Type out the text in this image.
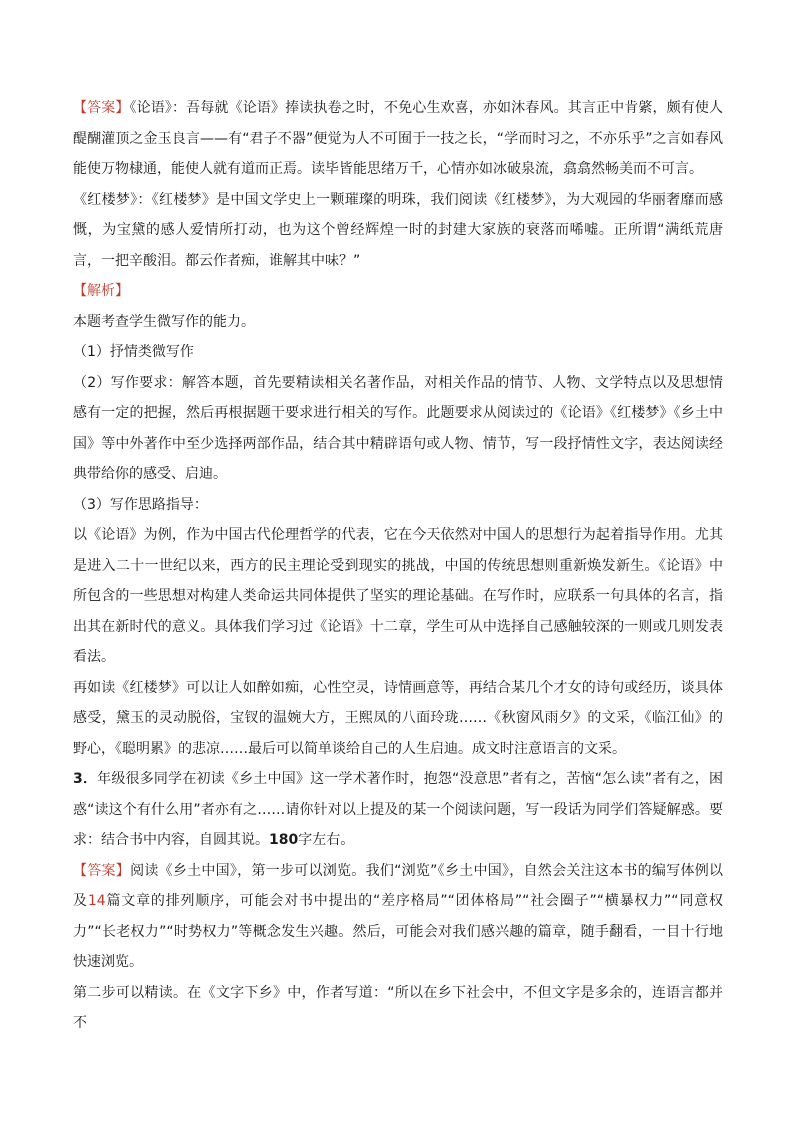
【答案】《论语》：吾每就《论语》捧读执卷之时，不免心生欢喜，亦如沐春风。其言正中肯綮，颇有使人醍醐灌顶之金玉良言——有“君子不器”便觉为人不可囿于一技之长，“学而时习之，不亦乐乎”之言如春风能使万物棣通，能使人就有道而正焉。读毕皆能思绪万千，心情亦如冰破泉流，翕翕然畅美而不可言。

《红楼梦》：《红楼梦》是中国文学史上一颗璀璨的明珠，我们阅读《红楼梦》，为大观园的华丽奢靡而感慨，为宝黛的感人爱情所打动，也为这个曾经辉煌一时的封建大家族的衰落而唏嘘。正所谓“满纸荒唐言，一把辛酸泪。都云作者痴，谁解其中味？”

【解析】

本题考查学生微写作的能力。

（1）抒情类微写作

（2）写作要求：解答本题，首先要精读相关名著作品，对相关作品的情节、人物、文学特点以及思想情感有一定的把握，然后再根据题干要求进行相关的写作。此题要求从阅读过的《论语》《红楼梦》《乡土中国》等中外著作中至少选择两部作品，结合其中精辟语句或人物、情节，写一段抒情性文字，表达阅读经典带给你的感受、启迪。

（3）写作思路指导：

以《论语》为例，作为中国古代伦理哲学的代表，它在今天依然对中国人的思想行为起着指导作用。尤其是进入二十一世纪以来，西方的民主理论受到现实的挑战，中国的传统思想则重新焕发新生。《论语》中所包含的一些思想对构建人类命运共同体提供了坚实的理论基础。在写作时，应联系一句具体的名言，指出其在新时代的意义。具体我们学习过《论语》十二章，学生可从中选择自己感触较深的一则或几则发表看法。

再如读《红楼梦》可以让人如醉如痴，心性空灵，诗情画意等，再结合某几个才女的诗句或经历，谈具体感受，黛玉的灵动脱俗，宝钗的温婉大方，王熙凤的八面玲珑……《秋窗风雨夕》的文采，《临江仙》的野心，《聪明累》的悲凉……最后可以简单谈给自己的人生启迪。成文时注意语言的文采。

3．年级很多同学在初读《乡土中国》这一学术著作时，抱怨“没意思”者有之，苦恼“怎么读”者有之，困惑“读这个有什么用”者亦有之……请你针对以上提及的某一个阅读问题，写一段话为同学们答疑解惑。要求：结合书中内容，自圆其说。180字左右。

【答案】阅读《乡土中国》，第一步可以浏览。我们“浏览”《乡土中国》，自然会关注这本书的编写体例以及14篇文章的排列顺序，可能会对书中提出的“差序格局”“团体格局”“社会圈子”“横暴权力”“同意权力”“长老权力”“时势权力”等概念发生兴趣。然后，可能会对我们感兴趣的篇章，随手翻看，一目十行地快速浏览。

第二步可以精读。在《文字下乡》中，作者写道：“所以在乡下社会中，不但文字是多余的，连语言都并不
